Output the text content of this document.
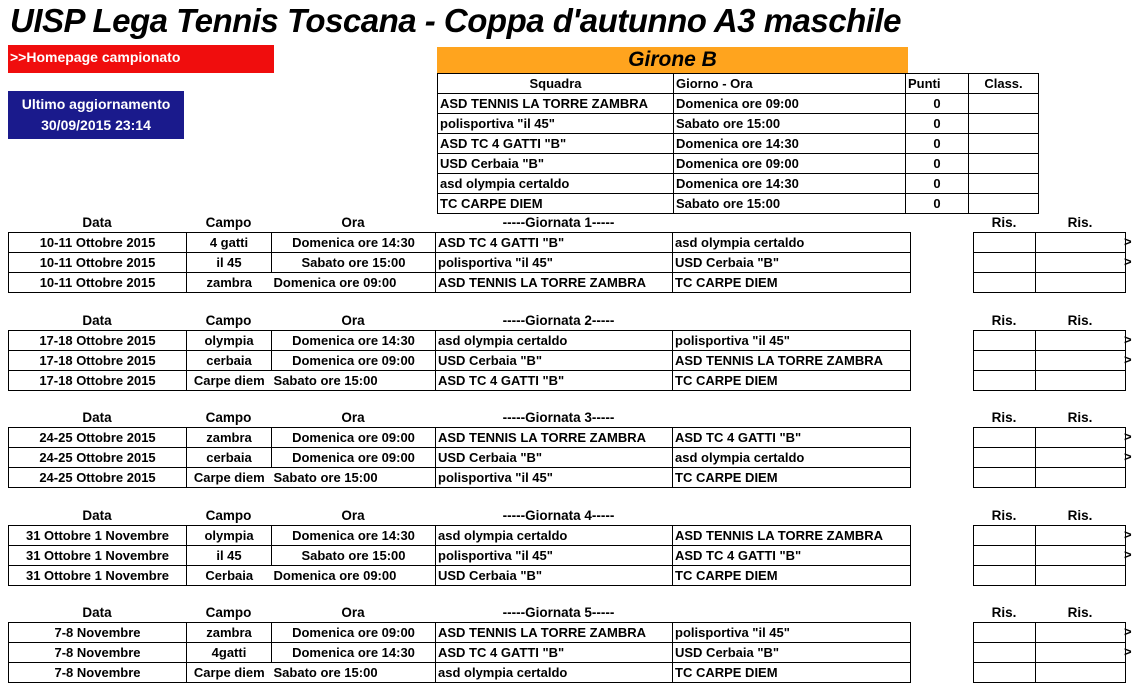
UISP Lega Tennis Toscana - Coppa d'autunno A3 maschile
>>Homepage campionato
Ultimo aggiornamento
30/09/2015 23:14
Girone B
Squadra	Giorno - Ora	Punti	Class.
ASD TENNIS LA TORRE ZAMBRA	Domenica ore 09:00	0	
polisportiva "il 45"	Sabato ore 15:00	0	
ASD TC 4 GATTI "B"	Domenica ore 14:30	0	
USD Cerbaia "B"	Domenica ore 09:00	0	
asd olympia certaldo	Domenica ore 14:30	0	
TC CARPE DIEM	Sabato ore 15:00	0	
Data	Campo	Ora	-----Giornata 1-----	Ris.	Ris.
10-11 Ottobre 2015	4 gatti	Domenica ore 14:30	ASD TC 4 GATTI "B"	asd olympia certaldo
10-11 Ottobre 2015	il 45	Sabato ore 15:00	polisportiva "il 45"	USD Cerbaia "B"
10-11 Ottobre 2015	zambra	Domenica ore 09:00	ASD TENNIS LA TORRE ZAMBRA	TC CARPE DIEM

>
>
Data	Campo	Ora	-----Giornata 2-----	Ris.	Ris.
17-18 Ottobre 2015	olympia	Domenica ore 14:30	asd olympia certaldo	polisportiva "il 45"
17-18 Ottobre 2015	cerbaia	Domenica ore 09:00	USD Cerbaia "B"	ASD TENNIS LA TORRE ZAMBRA
17-18 Ottobre 2015	Carpe diem	Sabato ore 15:00	ASD TC 4 GATTI "B"	TC CARPE DIEM

>
>
Data	Campo	Ora	-----Giornata 3-----	Ris.	Ris.
24-25 Ottobre 2015	zambra	Domenica ore 09:00	ASD TENNIS LA TORRE ZAMBRA	ASD TC 4 GATTI "B"
24-25 Ottobre 2015	cerbaia	Domenica ore 09:00	USD Cerbaia "B"	asd olympia certaldo
24-25 Ottobre 2015	Carpe diem	Sabato ore 15:00	polisportiva "il 45"	TC CARPE DIEM

>
>
Data	Campo	Ora	-----Giornata 4-----	Ris.	Ris.
31 Ottobre 1 Novembre	olympia	Domenica ore 14:30	asd olympia certaldo	ASD TENNIS LA TORRE ZAMBRA
31 Ottobre 1 Novembre	il 45	Sabato ore 15:00	polisportiva "il 45"	ASD TC 4 GATTI "B"
31 Ottobre 1 Novembre	Cerbaia	Domenica ore 09:00	USD Cerbaia "B"	TC CARPE DIEM

>
>
Data	Campo	Ora	-----Giornata 5-----	Ris.	Ris.
7-8 Novembre	zambra	Domenica ore 09:00	ASD TENNIS LA TORRE ZAMBRA	polisportiva "il 45"
7-8 Novembre	4gatti	Domenica ore 14:30	ASD TC 4 GATTI "B"	USD Cerbaia "B"
7-8 Novembre	Carpe diem	Sabato ore 15:00	asd olympia certaldo	TC CARPE DIEM

>
>
